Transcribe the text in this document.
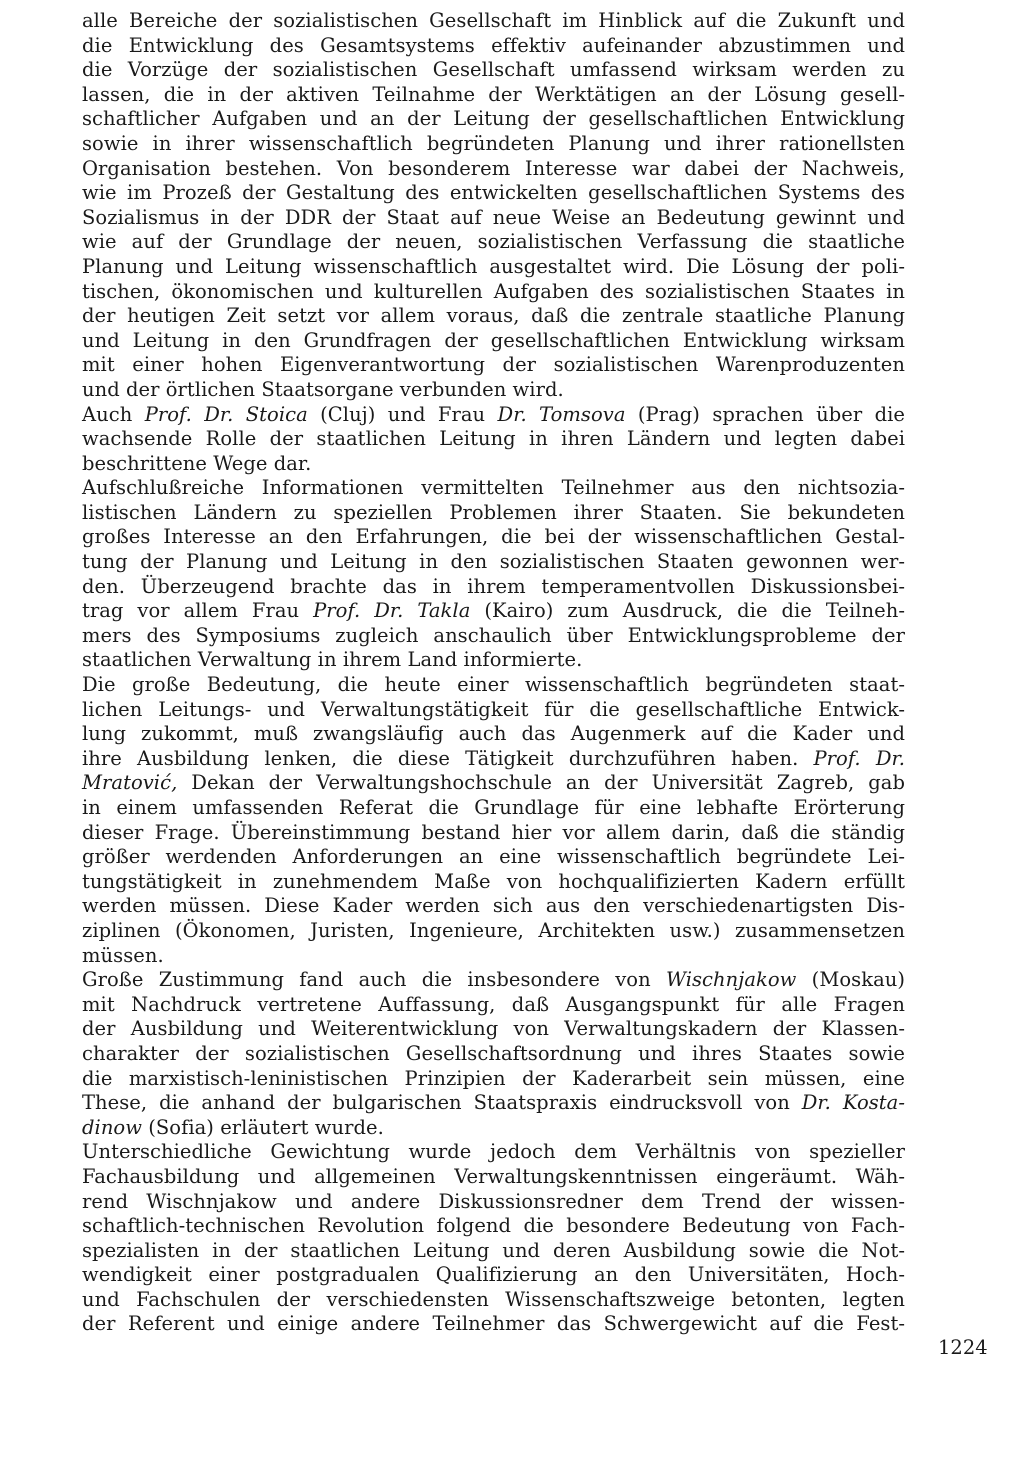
alle Bereiche der sozialistischen Gesellschaft im Hinblick auf die Zukunft und
die Entwicklung des Gesamtsystems effektiv aufeinander abzustimmen und
die Vorzüge der sozialistischen Gesellschaft umfassend wirksam werden zu
lassen, die in der aktiven Teilnahme der Werktätigen an der Lösung gesell-
schaftlicher Aufgaben und an der Leitung der gesellschaftlichen Entwicklung
sowie in ihrer wissenschaftlich begründeten Planung und ihrer rationellsten
Organisation bestehen. Von besonderem Interesse war dabei der Nachweis,
wie im Prozeß der Gestaltung des entwickelten gesellschaftlichen Systems des
Sozialismus in der DDR der Staat auf neue Weise an Bedeutung gewinnt und
wie auf der Grundlage der neuen, sozialistischen Verfassung die staatliche
Planung und Leitung wissenschaftlich ausgestaltet wird. Die Lösung der poli-
tischen, ökonomischen und kulturellen Aufgaben des sozialistischen Staates in
der heutigen Zeit setzt vor allem voraus, daß die zentrale staatliche Planung
und Leitung in den Grundfragen der gesellschaftlichen Entwicklung wirksam
mit einer hohen Eigenverantwortung der sozialistischen Warenproduzenten
und der örtlichen Staatsorgane verbunden wird.
Auch Prof. Dr. Stoica (Cluj) und Frau Dr. Tomsova (Prag) sprachen über die
wachsende Rolle der staatlichen Leitung in ihren Ländern und legten dabei
beschrittene Wege dar.
Aufschlußreiche Informationen vermittelten Teilnehmer aus den nichtsozia-
listischen Ländern zu speziellen Problemen ihrer Staaten. Sie bekundeten
großes Interesse an den Erfahrungen, die bei der wissenschaftlichen Gestal-
tung der Planung und Leitung in den sozialistischen Staaten gewonnen wer-
den. Überzeugend brachte das in ihrem temperamentvollen Diskussionsbei-
trag vor allem Frau Prof. Dr. Takla (Kairo) zum Ausdruck, die die Teilneh-
mers des Symposiums zugleich anschaulich über Entwicklungsprobleme der
staatlichen Verwaltung in ihrem Land informierte.
Die große Bedeutung, die heute einer wissenschaftlich begründeten staat-
lichen Leitungs- und Verwaltungstätigkeit für die gesellschaftliche Entwick-
lung zukommt, muß zwangsläufig auch das Augenmerk auf die Kader und
ihre Ausbildung lenken, die diese Tätigkeit durchzuführen haben. Prof. Dr.
Mratović, Dekan der Verwaltungshochschule an der Universität Zagreb, gab
in einem umfassenden Referat die Grundlage für eine lebhafte Erörterung
dieser Frage. Übereinstimmung bestand hier vor allem darin, daß die ständig
größer werdenden Anforderungen an eine wissenschaftlich begründete Lei-
tungstätigkeit in zunehmendem Maße von hochqualifizierten Kadern erfüllt
werden müssen. Diese Kader werden sich aus den verschiedenartigsten Dis-
ziplinen (Ökonomen, Juristen, Ingenieure, Architekten usw.) zusammensetzen
müssen.
Große Zustimmung fand auch die insbesondere von Wischnjakow (Moskau)
mit Nachdruck vertretene Auffassung, daß Ausgangspunkt für alle Fragen
der Ausbildung und Weiterentwicklung von Verwaltungskadern der Klassen-
charakter der sozialistischen Gesellschaftsordnung und ihres Staates sowie
die marxistisch-leninistischen Prinzipien der Kaderarbeit sein müssen, eine
These, die anhand der bulgarischen Staatspraxis eindrucksvoll von Dr. Kosta-
dinow (Sofia) erläutert wurde.
Unterschiedliche Gewichtung wurde jedoch dem Verhältnis von spezieller
Fachausbildung und allgemeinen Verwaltungskenntnissen eingeräumt. Wäh-
rend Wischnjakow und andere Diskussionsredner dem Trend der wissen-
schaftlich-technischen Revolution folgend die besondere Bedeutung von Fach-
spezialisten in der staatlichen Leitung und deren Ausbildung sowie die Not-
wendigkeit einer postgradualen Qualifizierung an den Universitäten, Hoch-
und Fachschulen der verschiedensten Wissenschaftszweige betonten, legten
der Referent und einige andere Teilnehmer das Schwergewicht auf die Fest-
1224
